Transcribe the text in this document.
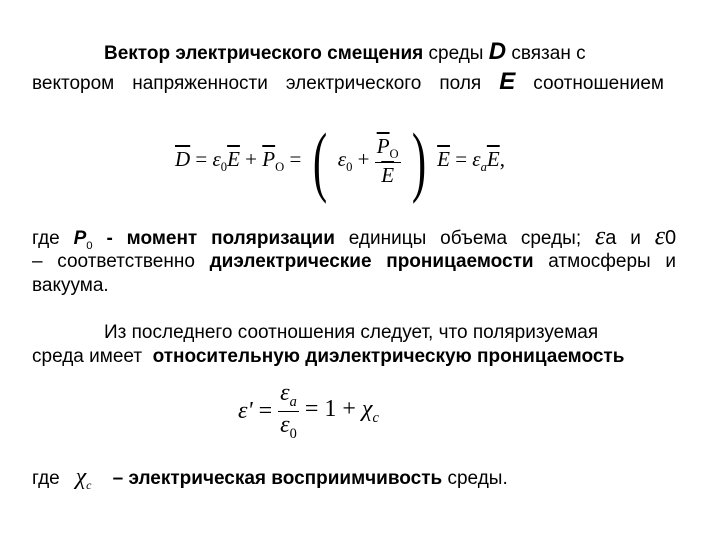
Вектор электрического смещения среды D связан с
вектором напряженности электрического поля E соотношением
$\overline{D} = \varepsilon_0\overline{E} + \overline{P}_O$ = ( $\varepsilon_0 + \frac{\overline{P}_O}{E}$ ) $\overline{E} = \varepsilon_a\overline{E}$,
где $P_0$ - момент поляризации единицы объема среды; εa и ε0
– соответственно диэлектрические проницаемости атмосферы и
вакуума.
Из последнего соотношения следует, что поляризуемая
среда имеет относительную диэлектрическую проницаемость
$\varepsilon' = \frac{\varepsilon_a}{\varepsilon_0} = 1 + \chi_c$
где $\chi_c$ – электрическая восприимчивость среды.
